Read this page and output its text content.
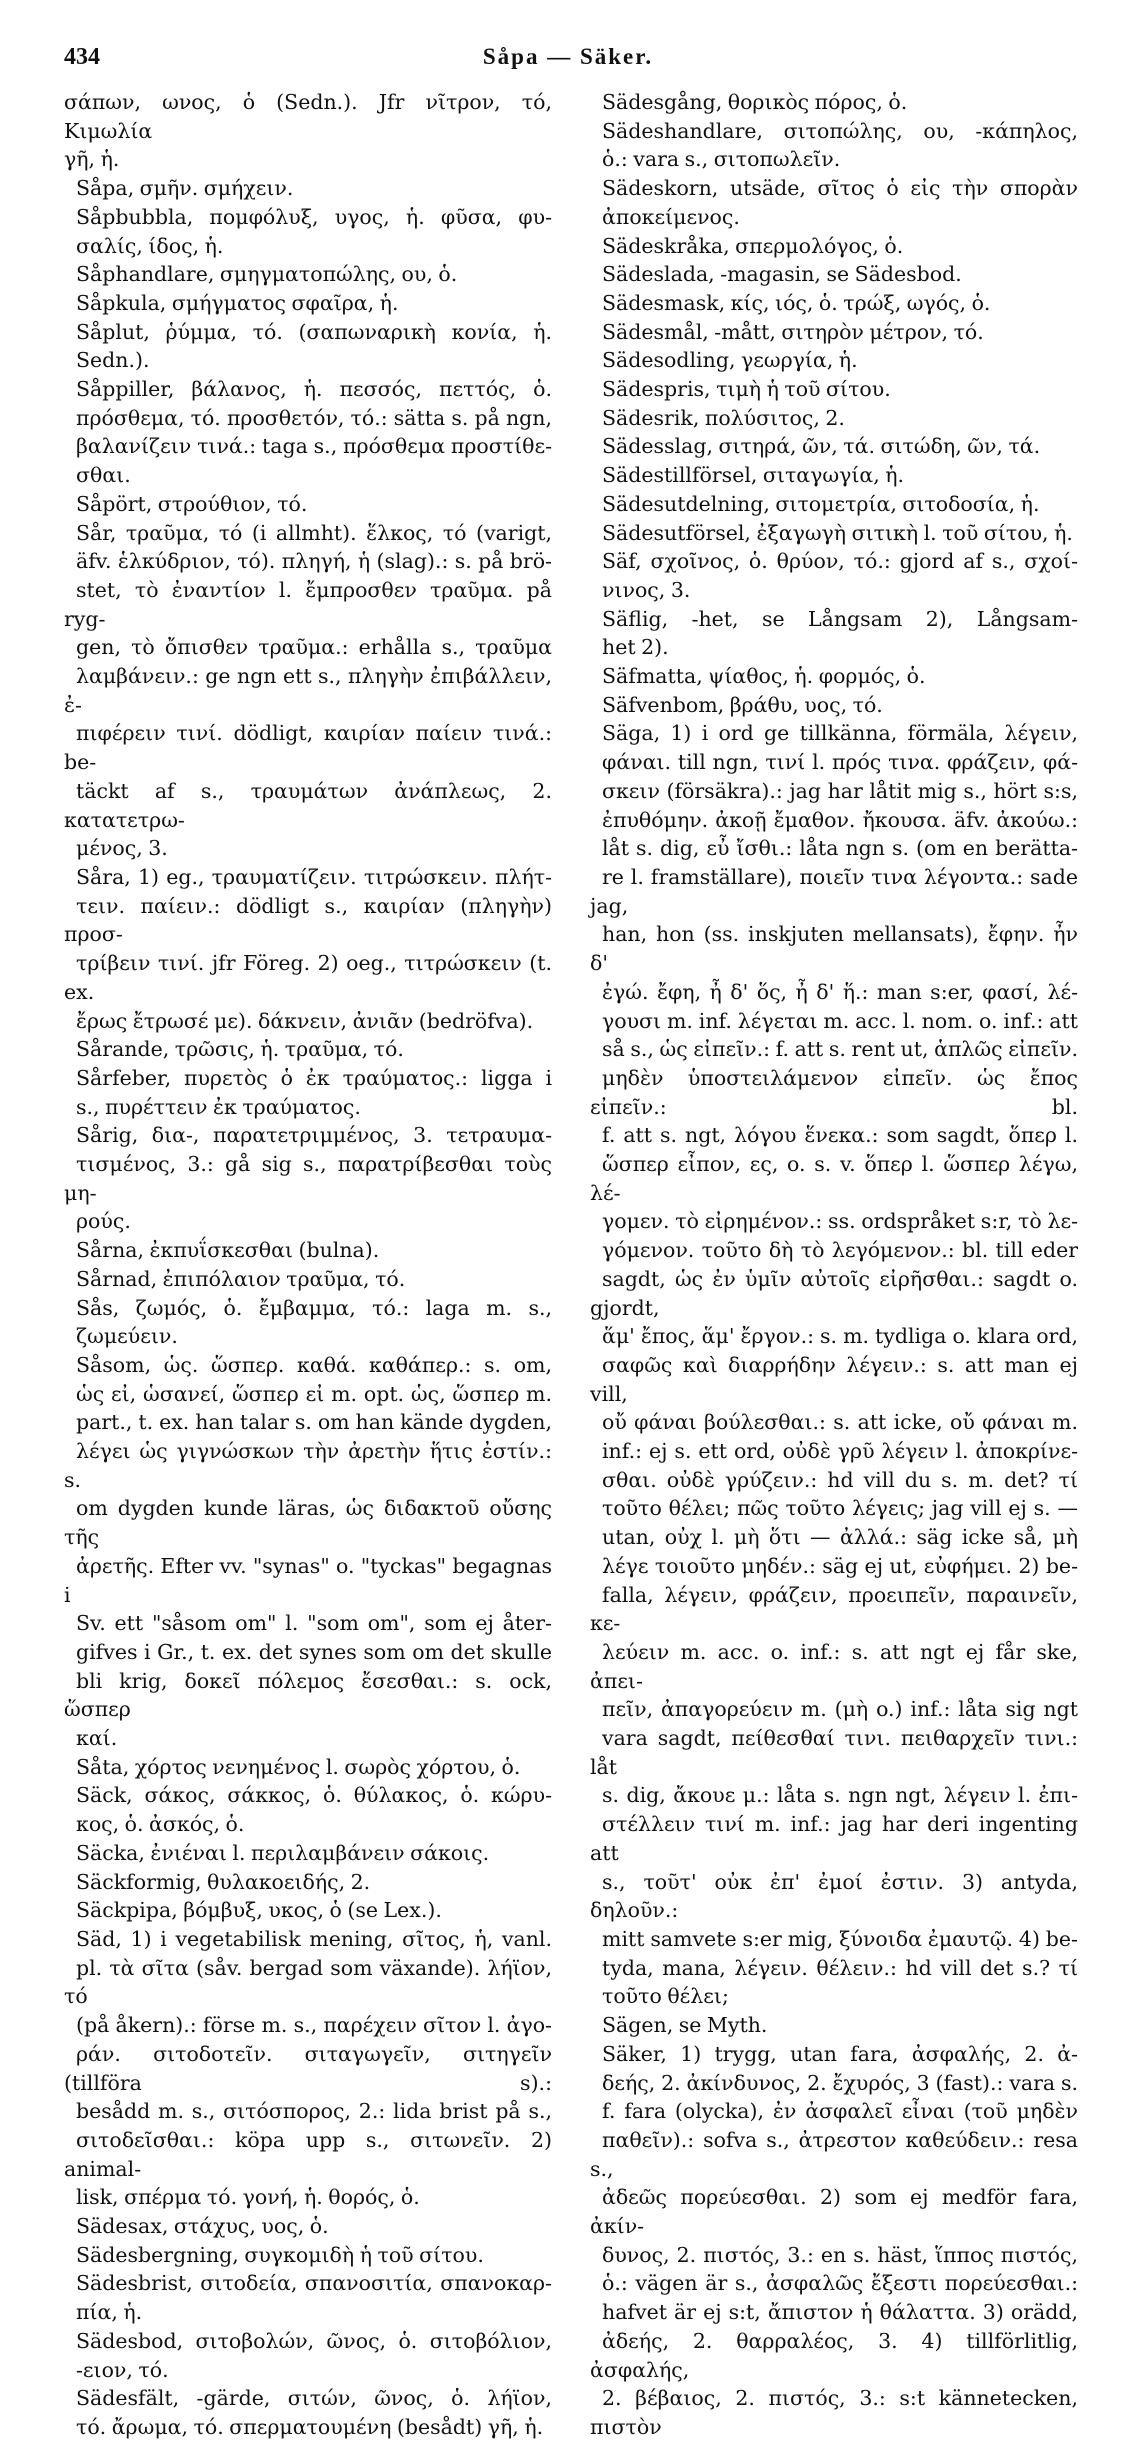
434	Såpa — Säker.

σάπων, ωνος, ὁ (Sedn.). Jfr νῖτρον, τό, Κιμωλία
γῆ, ἡ.

Såpa, σμῆν. σμήχειν.

Såpbubbla, πομφόλυξ, υγος, ἡ. φῦσα, φυ-
σαλίς, ίδος, ἡ.

Såphandlare, σμηγματοπώλης, ου, ὁ.

Såpkula, σμήγματος σφαῖρα, ἡ.

Såplut, ῥύμμα, τό. (σαπωναρικὴ κονία, ἡ.
Sedn.).

Såppiller, βάλανος, ἡ. πεσσός, πεττός, ὁ.
πρόσθεμα, τό. προσθετόν, τό.: sätta s. på ngn,
βαλανίζειν τινά.: taga s., πρόσθεμα προστίθε-
σθαι.

Såpört, στρούθιον, τό.

Sår, τραῦμα, τό (i allmht). ἕλκος, τό (varigt,
äfv. ἑλκύδριον, τό). πληγή, ἡ (slag).: s. på brö-
stet, τὸ ἐναντίον l. ἔμπροσθεν τραῦμα. på ryg-
gen, τὸ ὄπισθεν τραῦμα.: erhålla s., τραῦμα
λαμβάνειν.: ge ngn ett s., πληγὴν ἐπιβάλλειν, ἐ-
πιφέρειν τινί. dödligt, καιρίαν παίειν τινά.: be-
täckt af s., τραυμάτων ἀνάπλεως, 2. κατατετρω-
μένος, 3.

Såra, 1) eg., τραυματίζειν. τιτρώσκειν. πλήτ-
τειν. παίειν.: dödligt s., καιρίαν (πληγὴν) προσ-
τρίβειν τινί. jfr Föreg. 2) oeg., τιτρώσκειν (t. ex.
ἔρως ἔτρωσέ με). δάκνειν, ἀνιᾶν (bedröfva).

Sårande, τρῶσις, ἡ. τραῦμα, τό.

Sårfeber, πυρετὸς ὁ ἐκ τραύματος.: ligga i
s., πυρέττειν ἐκ τραύματος.

Sårig, δια-, παρατετριμμένος, 3. τετραυμα-
τισμένος, 3.: gå sig s., παρατρίβεσθαι τοὺς μη-
ρούς.

Sårna, ἐκπυΐσκεσθαι (bulna).

Sårnad, ἐπιπόλαιον τραῦμα, τό.

Sås, ζωμός, ὁ. ἔμβαμμα, τό.: laga m. s.,
ζωμεύειν.

Såsom, ὡς. ὥσπερ. καθά. καθάπερ.: s. om,
ὡς εἰ, ὡσανεί, ὥσπερ εἰ m. opt. ὡς, ὥσπερ m.
part., t. ex. han talar s. om han kände dygden,
λέγει ὡς γιγνώσκων τὴν ἀρετὴν ἥτις ἐστίν.: s.
om dygden kunde läras, ὡς διδακτοῦ οὔσης τῆς
ἀρετῆς. Efter vv. "synas" o. "tyckas" begagnas i
Sv. ett "såsom om" l. "som om", som ej åter-
gifves i Gr., t. ex. det synes som om det skulle
bli krig, δοκεῖ πόλεμος ἔσεσθαι.: s. ock, ὥσπερ
καί.

Såta, χόρτος νενημένος l. σωρὸς χόρτου, ὁ.

Säck, σάκος, σάκκος, ὁ. θύλακος, ὁ. κώρυ-
κος, ὁ. ἀσκός, ὁ.

Säcka, ἐνιέναι l. περιλαμβάνειν σάκοις.

Säckformig, θυλακοειδής, 2.

Säckpipa, βόμβυξ, υκος, ὁ (se Lex.).

Säd, 1) i vegetabilisk mening, σῖτος, ἡ, vanl.
pl. τὰ σῖτα (såv. bergad som växande). λήϊον, τό
(på åkern).: förse m. s., παρέχειν σῖτον l. ἀγο-
ράν. σιτοδοτεῖν. σιταγωγεῖν, σιτηγεῖν (tillföra s).:
besådd m. s., σιτόσπορος, 2.: lida brist på s.,
σιτοδεῖσθαι.: köpa upp s., σιτωνεῖν. 2) animal-
lisk, σπέρμα τό. γονή, ἡ. θορός, ὁ.

Sädesax, στάχυς, υος, ὁ.

Sädesbergning, συγκομιδὴ ἡ τοῦ σίτου.

Sädesbrist, σιτοδεία, σπανοσιτία, σπανοκαρ-
πία, ἡ.

Sädesbod, σιτοβολών, ῶνος, ὁ. σιτοβόλιον,
-ειον, τό.

Sädesfält, -gärde, σιτών, ῶνος, ὁ. λήϊον,
τό. ἄρωμα, τό. σπερματουμένη (besådt) γῆ, ἡ.

Sädesgång, θορικὸς πόρος, ὁ.

Sädeshandlare, σιτοπώλης, ου, -κάπηλος,
ὁ.: vara s., σιτοπωλεῖν.

Sädeskorn, utsäde, σῖτος ὁ εἰς τὴν σπορὰν
ἀποκείμενος.

Sädeskråka, σπερμολόγος, ὁ.

Sädeslada, -magasin, se Sädesbod.

Sädesmask, κίς, ιός, ὁ. τρώξ, ωγός, ὁ.

Sädesmål, -mått, σιτηρὸν μέτρον, τό.

Sädesodling, γεωργία, ἡ.

Sädespris, τιμὴ ἡ τοῦ σίτου.

Sädesrik, πολύσιτος, 2.

Sädesslag, σιτηρά, ῶν, τά. σιτώδη, ῶν, τά.

Sädestillförsel, σιταγωγία, ἡ.

Sädesutdelning, σιτομετρία, σιτοδοσία, ἡ.

Sädesutförsel, ἐξαγωγὴ σιτικὴ l. τοῦ σίτου, ἡ.

Säf, σχοῖνος, ὁ. θρύον, τό.: gjord af s., σχοί-
νινος, 3.

Säflig, -het, se Långsam 2), Långsam-
het 2).

Säfmatta, ψίαθος, ἡ. φορμός, ὁ.

Säfvenbom, βράθυ, υος, τό.

Säga, 1) i ord ge tillkänna, förmäla, λέγειν,
φάναι. till ngn, τινί l. πρός τινα. φράζειν, φά-
σκειν (försäkra).: jag har låtit mig s., hört s:s,
ἐπυθόμην. ἀκοῇ ἔμαθον. ἤκουσα. äfv. ἀκούω.:
låt s. dig, εὖ ἴσθι.: låta ngn s. (om en berätta-
re l. framställare), ποιεῖν τινα λέγοντα.: sade jag,
han, hon (ss. inskjuten mellansats), ἔφην. ἦν δ'
ἐγώ. ἔφη, ἦ δ' ὅς, ἦ δ' ἥ.: man s:er, φασί, λέ-
γουσι m. inf. λέγεται m. acc. l. nom. o. inf.: att
så s., ὡς εἰπεῖν.: f. att s. rent ut, ἁπλῶς εἰπεῖν.
μηδὲν ὑποστειλάμενον εἰπεῖν. ὡς ἔπος εἰπεῖν.: bl.
f. att s. ngt, λόγου ἕνεκα.: som sagdt, ὅπερ l.
ὥσπερ εἶπον, ες, o. s. v. ὅπερ l. ὥσπερ λέγω, λέ-
γομεν. τὸ εἰρημένον.: ss. ordspråket s:r, τὸ λε-
γόμενον. τοῦτο δὴ τὸ λεγόμενον.: bl. till eder
sagdt, ὡς ἐν ὑμῖν αὐτοῖς εἰρῆσθαι.: sagdt o. gjordt,
ἅμ' ἔπος, ἅμ' ἔργον.: s. m. tydliga o. klara ord,
σαφῶς καὶ διαρρήδην λέγειν.: s. att man ej vill,
οὔ φάναι βούλεσθαι.: s. att icke, οὔ φάναι m.
inf.: ej s. ett ord, οὐδὲ γρῦ λέγειν l. ἀποκρίνε-
σθαι. οὐδὲ γρύζειν.: hd vill du s. m. det? τί
τοῦτο θέλει; πῶς τοῦτο λέγεις; jag vill ej s. —
utan, οὐχ l. μὴ ὅτι — ἀλλά.: säg icke så, μὴ
λέγε τοιοῦτο μηδέν.: säg ej ut, εὐφήμει. 2) be-
falla, λέγειν, φράζειν, προειπεῖν, παραινεῖν, κε-
λεύειν m. acc. o. inf.: s. att ngt ej får ske, ἀπει-
πεῖν, ἀπαγορεύειν m. (μὴ o.) inf.: låta sig ngt
vara sagdt, πείθεσθαί τινι. πειθαρχεῖν τινι.: låt
s. dig, ἄκουε μ.: låta s. ngn ngt, λέγειν l. ἐπι-
στέλλειν τινί m. inf.: jag har deri ingenting att
s., τοῦτ' οὐκ ἐπ' ἐμοί ἐστιν. 3) antyda, δηλοῦν.:
mitt samvete s:er mig, ξύνοιδα ἐμαυτῷ. 4) be-
tyda, mana, λέγειν. θέλειν.: hd vill det s.? τί
τοῦτο θέλει;

Sägen, se Myth.

Säker, 1) trygg, utan fara, ἀσφαλής, 2. ἀ-
δεής, 2. ἀκίνδυνος, 2. ἔχυρός, 3 (fast).: vara s.
f. fara (olycka), ἐν ἀσφαλεῖ εἶναι (τοῦ μηδὲν
παθεῖν).: sofva s., ἀτρεστον καθεύδειν.: resa s.,
ἀδεῶς πορεύεσθαι. 2) som ej medför fara, ἀκίν-
δυνος, 2. πιστός, 3.: en s. häst, ἵππος πιστός,
ὁ.: vägen är s., ἀσφαλῶς ἔξεστι πορεύεσθαι.:
hafvet är ej s:t, ἄπιστον ἡ θάλαττα. 3) orädd,
ἀδεής, 2. θαρραλέος, 3. 4) tillförlitlig, ἀσφαλής,
2. βέβαιος, 2. πιστός, 3.: s:t kännetecken, πιστὸν
